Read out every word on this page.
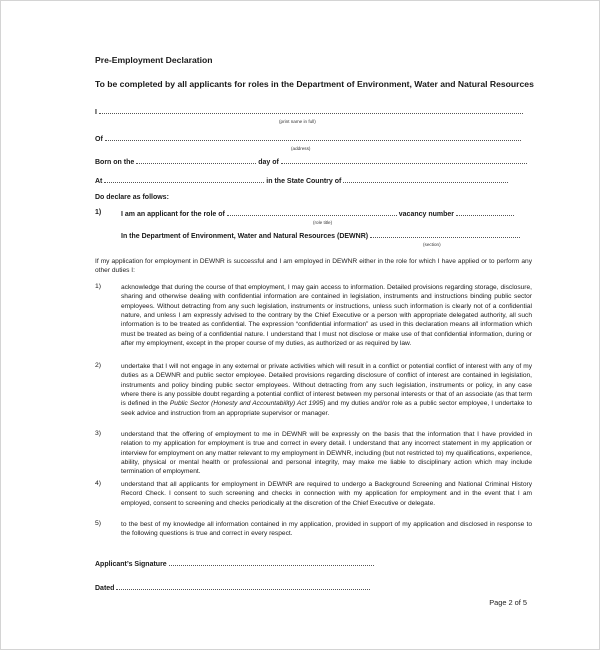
Pre-Employment Declaration
To be completed by all applicants for roles in the Department of Environment, Water and Natural Resources
I
(print name in full)
Of
(address)
Born on the	day of
At	in the State Country of
Do declare as follows:
1)	I am an applicant for the role of	vacancy number
(role title)
In the Department of Environment, Water and Natural Resources (DEWNR)
(section)
If my application for employment in DEWNR is successful and I am employed in DEWNR either in the role for which I have applied or to perform any other duties I:
1)	acknowledge that during the course of that employment, I may gain access to information. Detailed provisions regarding storage, disclosure, sharing and otherwise dealing with confidential information are contained in legislation, instruments and instructions binding public sector employees. Without detracting from any such legislation, instruments or instructions, unless such information is clearly not of a confidential nature, and unless I am expressly advised to the contrary by the Chief Executive or a person with appropriate delegated authority, all such information is to be treated as confidential. The expression “confidential information” as used in this declaration means all information which must be treated as being of a confidential nature. I understand that I must not disclose or make use of that confidential information, during or after my employment, except in the proper course of my duties, as authorized or as required by law.
2)	undertake that I will not engage in any external or private activities which will result in a conflict or potential conflict of interest with any of my duties as a DEWNR and public sector employee. Detailed provisions regarding disclosure of conflict of interest are contained in legislation, instruments and policy binding public sector employees. Without detracting from any such legislation, instruments or policy, in any case where there is any possible doubt regarding a potential conflict of interest between my personal interests or that of an associate (as that term is defined in the Public Sector (Honesty and Accountability) Act 1995) and my duties and/or role as a public sector employee, I undertake to seek advice and instruction from an appropriate supervisor or manager.
3)	understand that the offering of employment to me in DEWNR will be expressly on the basis that the information that I have provided in relation to my application for employment is true and correct in every detail. I understand that any incorrect statement in my application or interview for employment on any matter relevant to my employment in DEWNR, including (but not restricted to) my qualifications, experience, ability, physical or mental health or professional and personal integrity, may make me liable to disciplinary action which may include termination of employment.
4)	understand that all applicants for employment in DEWNR are required to undergo a Background Screening and National Criminal History Record Check. I consent to such screening and checks in connection with my application for employment and in the event that I am employed, consent to screening and checks periodically at the discretion of the Chief Executive or delegate.
5)	to the best of my knowledge all information contained in my application, provided in support of my application and disclosed in response to the following questions is true and correct in every respect.
Applicant’s Signature
Dated
Page 2 of 5
